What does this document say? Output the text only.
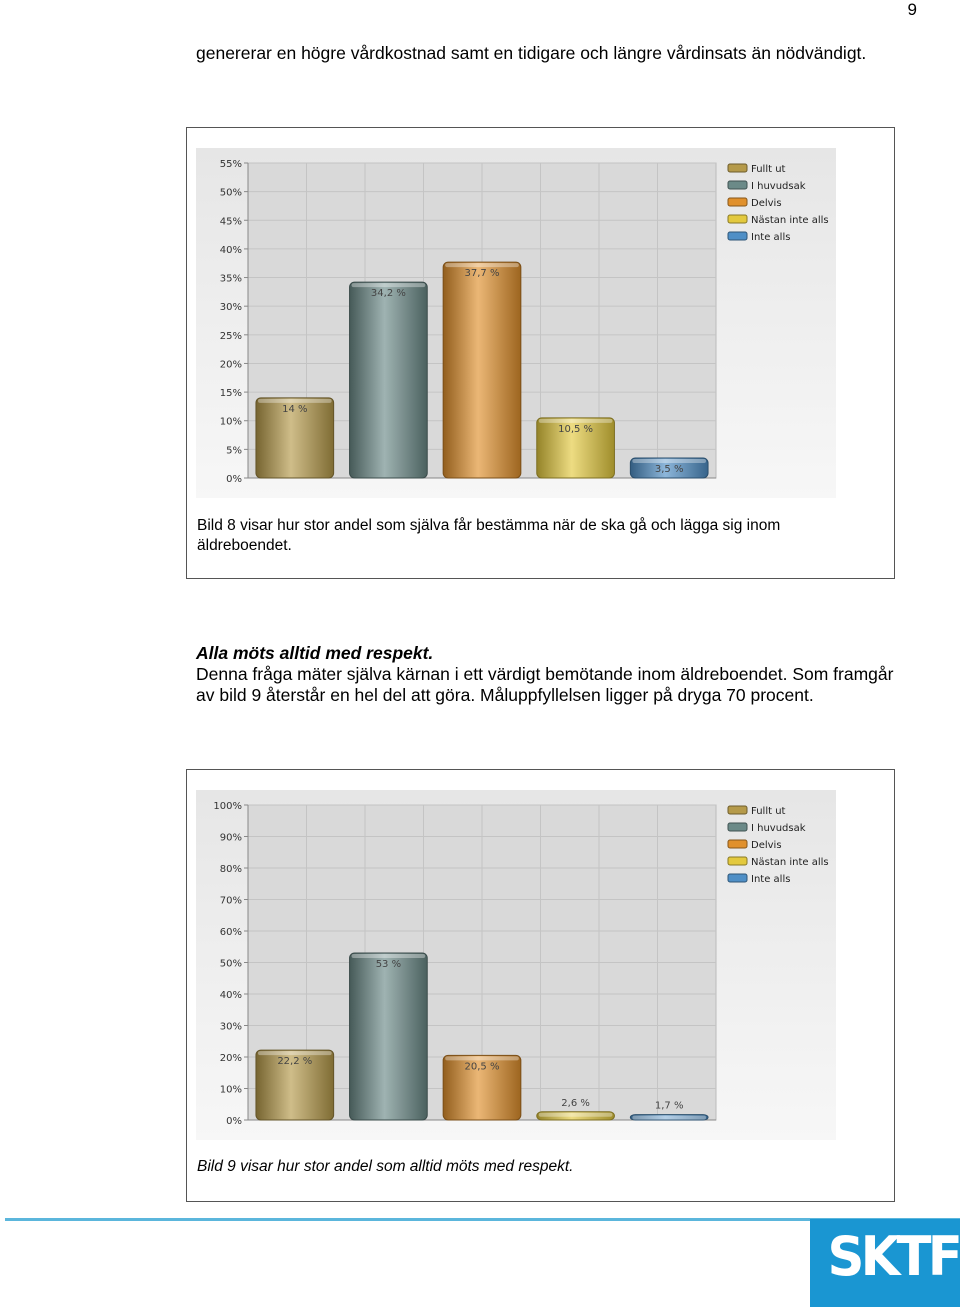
9
genererar en högre vårdkostnad samt en tidigare och längre vårdinsats än nödvändigt.
0%
5%
10%
15%
20%
25%
30%
35%
40%
45%
50%
55%
14 %
34,2 %
37,7 %
10,5 %
3,5 %
Fullt ut
I huvudsak
Delvis
Nästan inte alls
Inte alls
Bild 8 visar hur stor andel som själva får bestämma när de ska gå och lägga sig inom äldreboendet.
Alla möts alltid med respekt.
Denna fråga mäter själva kärnan i ett värdigt bemötande inom äldreboendet. Som framgår av bild 9 återstår en hel del att göra. Måluppfyllelsen ligger på dryga 70 procent.
0%
10%
20%
30%
40%
50%
60%
70%
80%
90%
100%
22,2 %
53 %
20,5 %
2,6 %	1,7 %
Fullt ut
I huvudsak
Delvis
Nästan inte alls
Inte alls
Bild 9 visar hur stor andel som alltid möts med respekt.
SKTF
